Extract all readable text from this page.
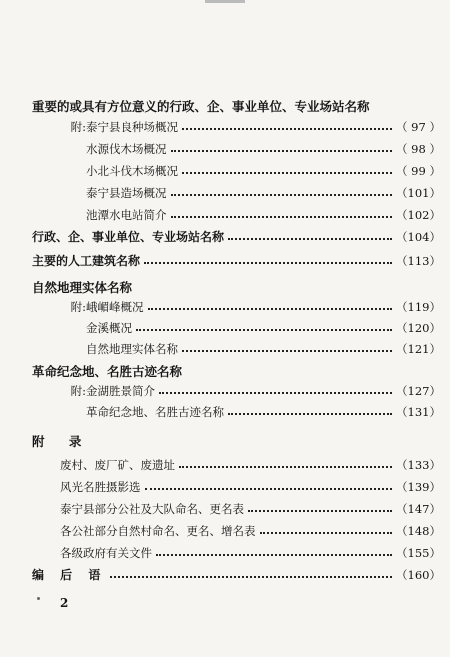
重要的或具有方位意义的行政、企、事业单位、专业场站名称
附: 泰宁县良种场概况	（ 97 ）
水源伐木场概况	（ 98 ）
小北斗伐木场概况	（ 99 ）
泰宁县造场概况	（101）
池潭水电站简介	（102）
行政、企、事业单位、专业场站名称	（104）
主要的人工建筑名称	（113）
自然地理实体名称
附: 峨嵋峰概况	（119）
金溪概况	（120）
自然地理实体名称	（121）
革命纪念地、名胜古迹名称
附: 金湖胜景简介	（127）
革命纪念地、名胜古迹名称	（131）
附 录
废村、废厂矿、废遗址	（133）
风光名胜摄影选	（139）
泰宁县部分公社及大队命名、更名表	（147）
各公社部分自然村命名、更名、增名表	（148）
各级政府有关文件	（155）
编 后 语	（160）
2
